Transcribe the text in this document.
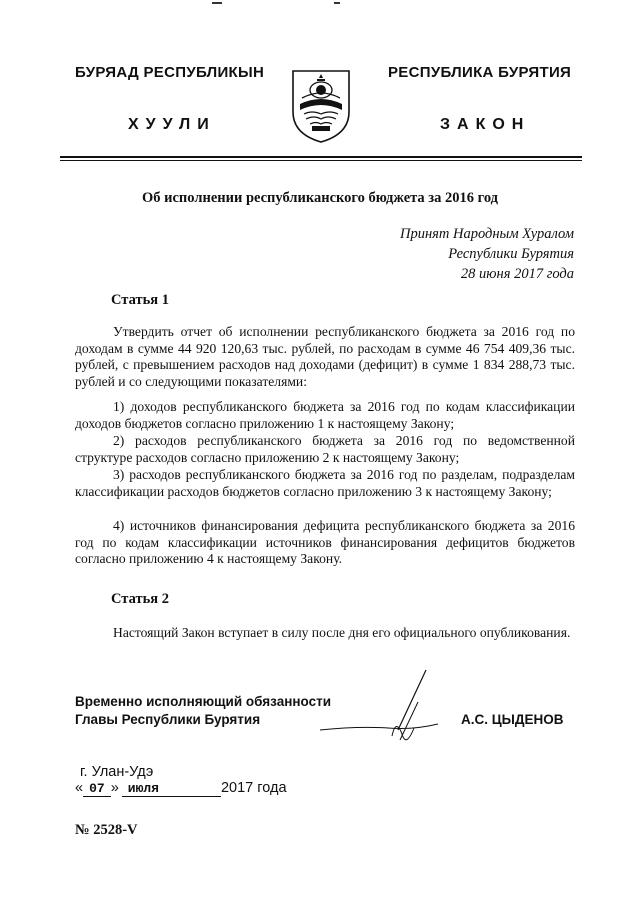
БУРЯАД РЕСПУБЛИКЫН
ХУУЛИ
РЕСПУБЛИКА БУРЯТИЯ
ЗАКОН
Об исполнении республиканского бюджета за 2016 год
Принят Народным Хуралом
Республики Бурятия
28 июня 2017 года
Статья 1

Утвердить отчет об исполнении республиканского бюджета за 2016 год по доходам в сумме 44 920 120,63 тыс. рублей, по расходам в сумме 46 754 409,36 тыс. рублей, с превышением расходов над доходами (дефицит) в сумме 1 834 288,73 тыс. рублей и со следующими показателями:

1) доходов республиканского бюджета за 2016 год по кодам классификации доходов бюджетов согласно приложению 1 к настоящему Закону;

2) расходов республиканского бюджета за 2016 год по ведомственной структуре расходов согласно приложению 2 к настоящему Закону;

3) расходов республиканского бюджета за 2016 год по разделам, подразделам классификации расходов бюджетов согласно приложению 3 к настоящему Закону;

4) источников финансирования дефицита республиканского бюджета за 2016 год по кодам классификации источников финансирования дефицитов бюджетов согласно приложению 4 к настоящему Закону.

Статья 2

Настоящий Закон вступает в силу после дня его официального опубликования.

Временно исполняющий обязанности
Главы Республики Бурятия	А.С. ЦЫДЕНОВ
г. Улан-Удэ
« 07 » июля	2017 года
№ 2528-V
